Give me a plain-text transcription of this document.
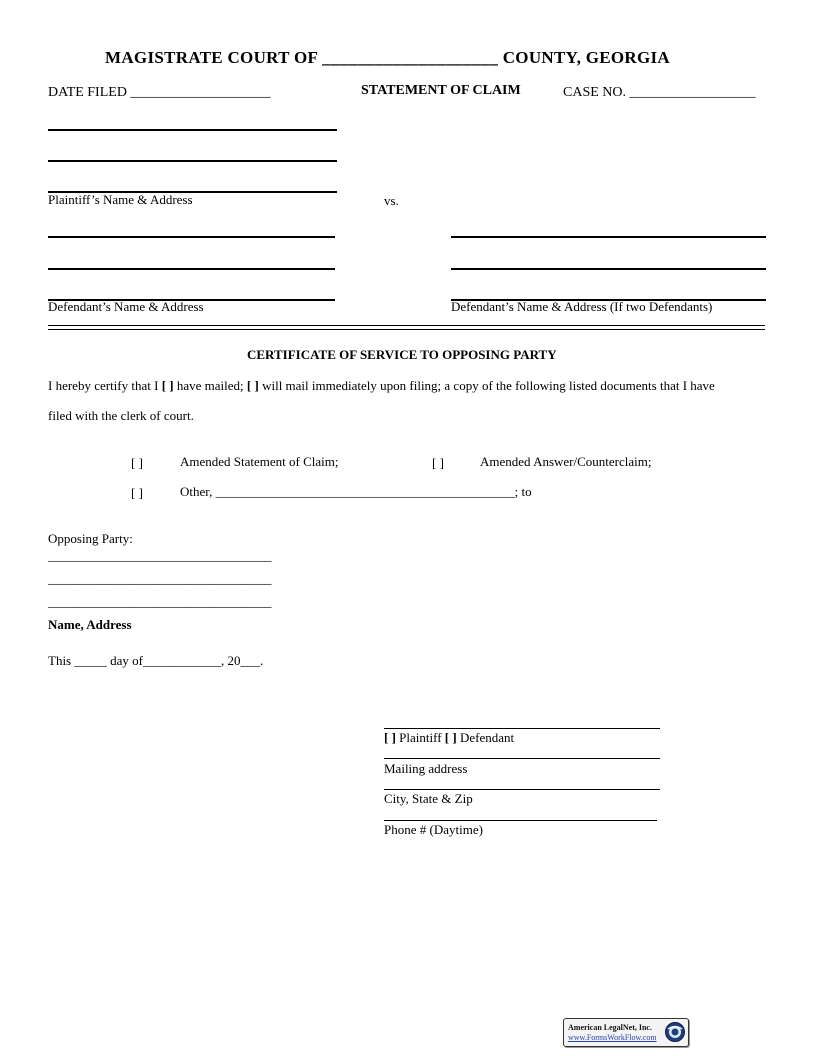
MAGISTRATE COURT OF ____________________ COUNTY, GEORGIA
DATE FILED ____________________	STATEMENT OF CLAIM	CASE NO. __________________
Plaintiff’s Name & Address	vs.
Defendant’s Name & Address	Defendant’s Name & Address (If two Defendants)
CERTIFICATE OF SERVICE TO OPPOSING PARTY
I hereby certify that I [ ] have mailed; [ ] will mail immediately upon filing; a copy of the following listed documents that I have
filed with the clerk of court.
[ ]	Amended Statement of Claim;	[ ]	Amended Answer/Counterclaim;
[ ]	Other, ______________________________________________; to
Opposing Party:
____________________________________
____________________________________
____________________________________
Name, Address
This _____ day of____________, 20___.
[ ] Plaintiff [ ] Defendant
Mailing address
City, State & Zip
Phone # (Daytime)
American LegalNet, Inc.
www.FormsWorkFlow.com
